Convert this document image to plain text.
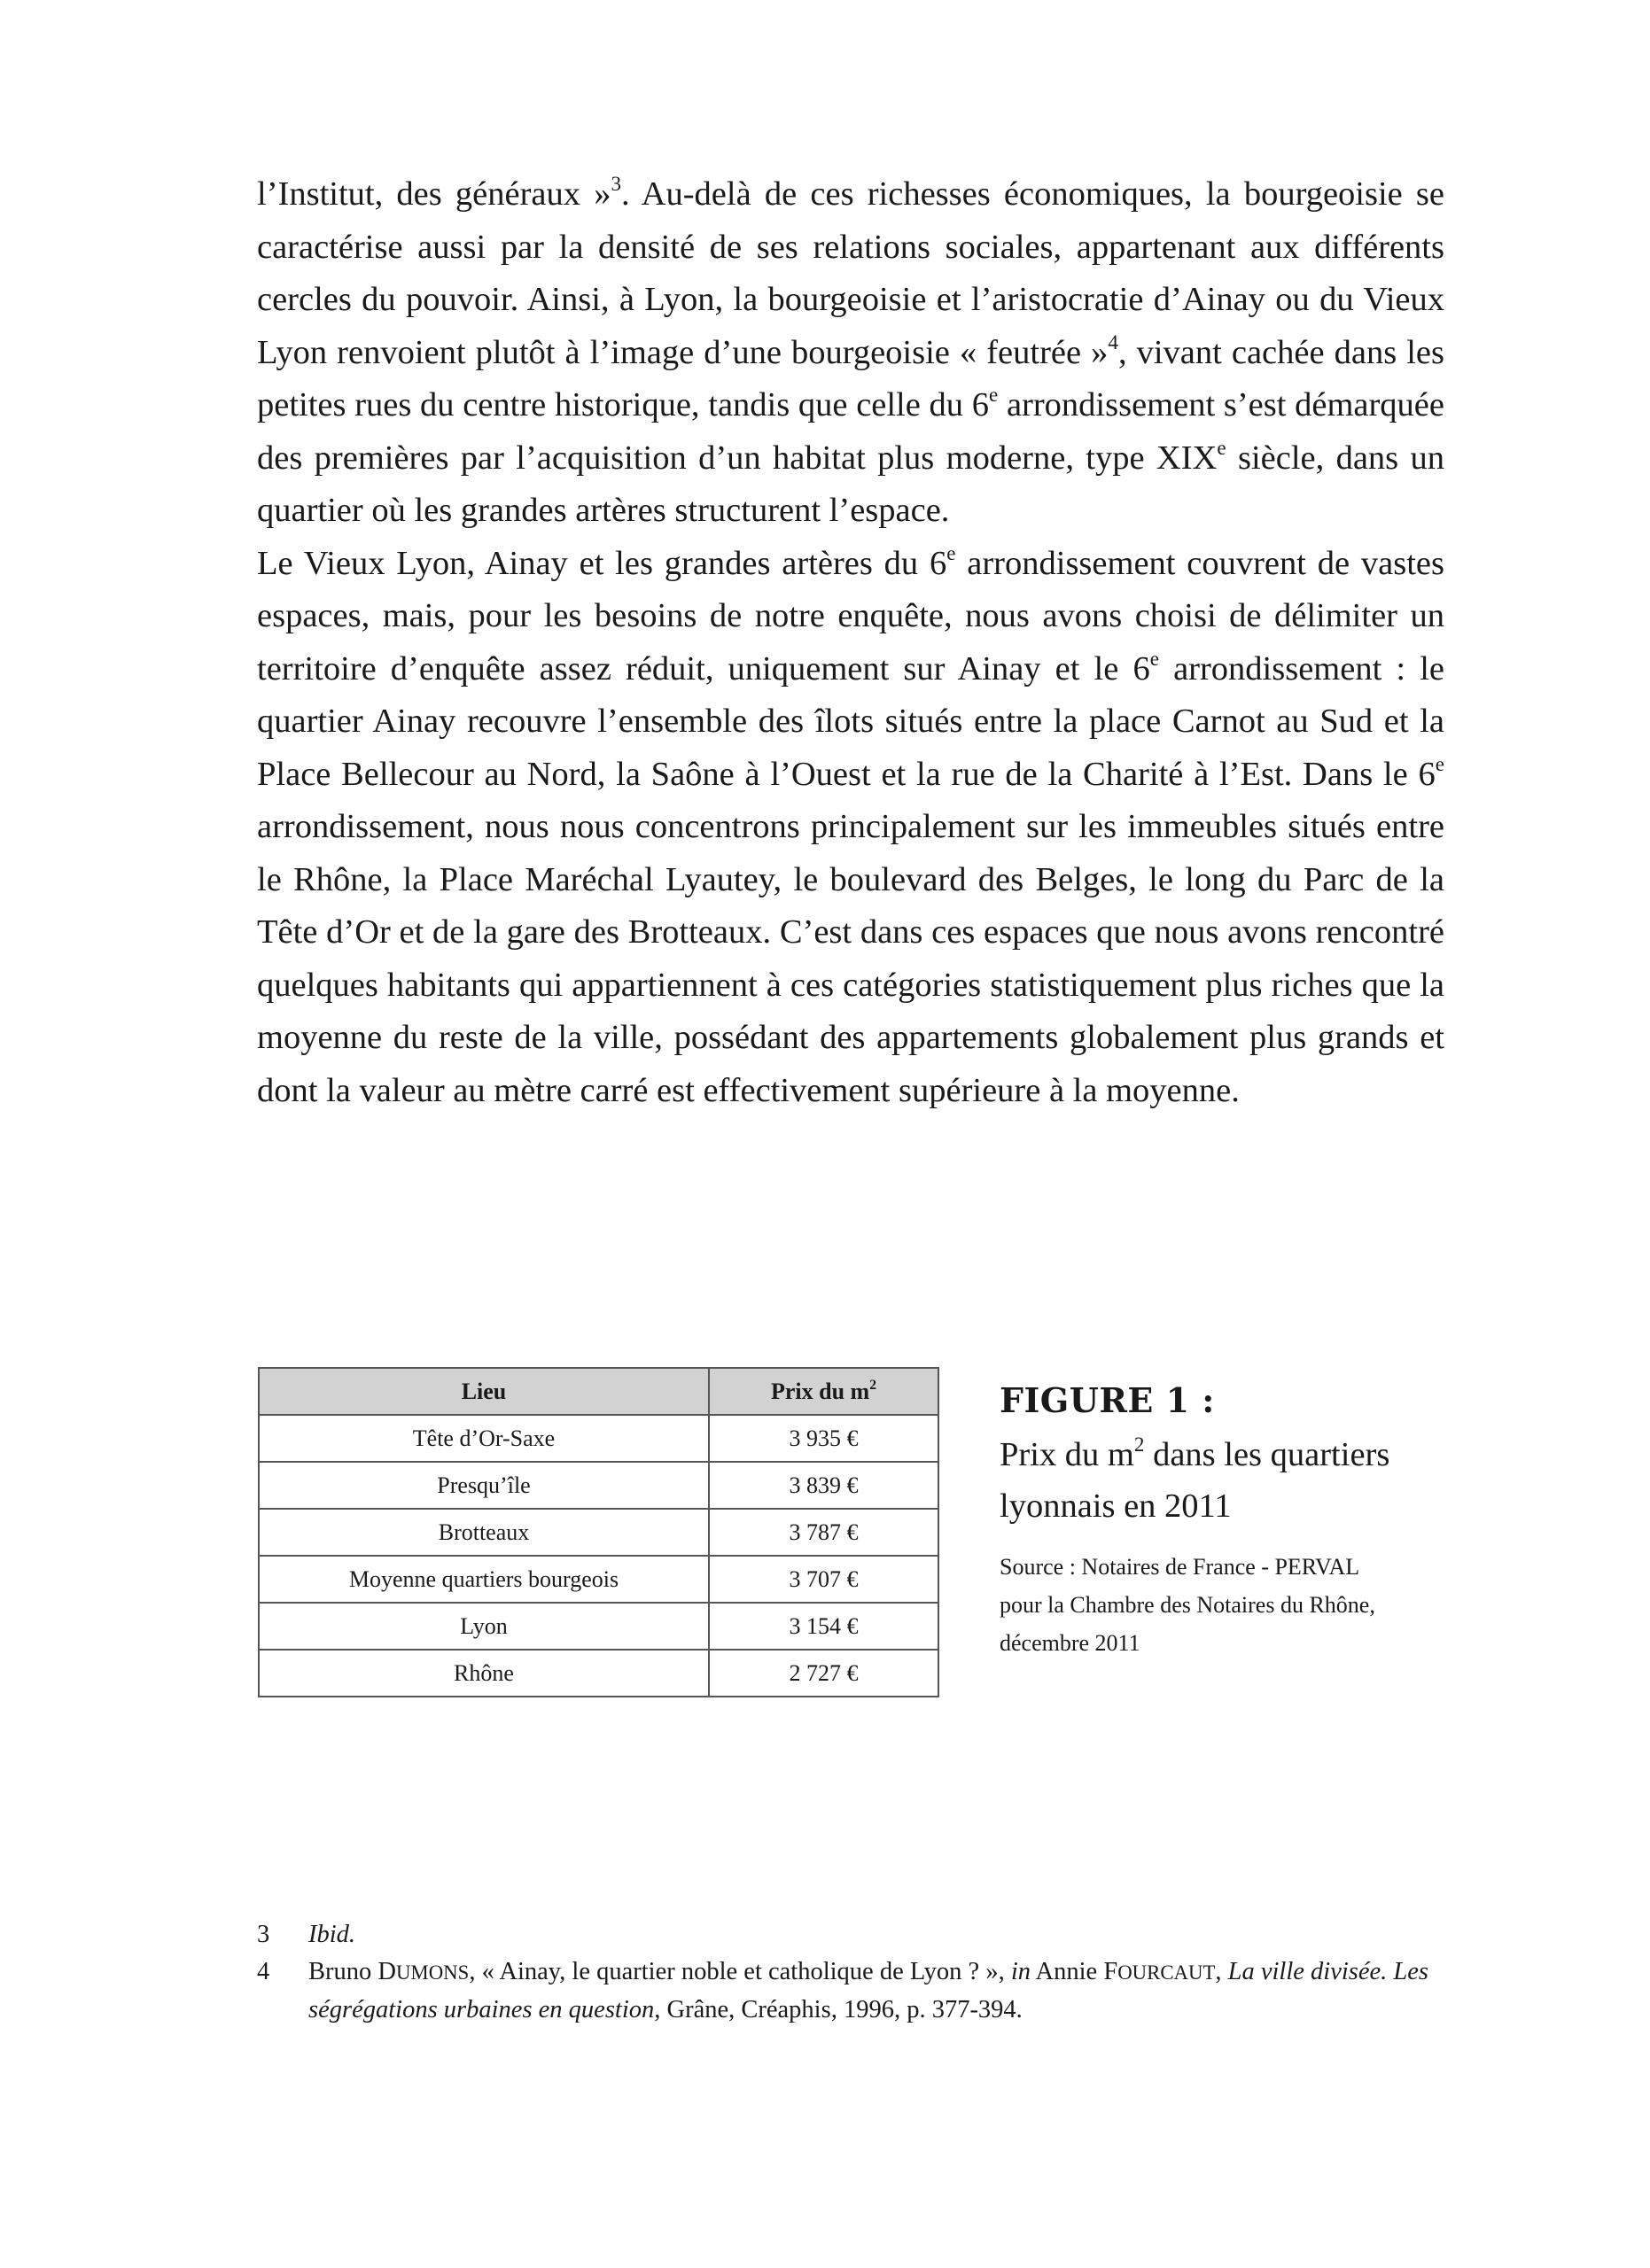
l’Institut, des généraux »$^3$. Au-delà de ces richesses économiques, la bourgeoisie se caractérise aussi par la densité de ses relations sociales, appartenant aux différents cercles du pouvoir. Ainsi, à Lyon, la bourgeoisie et l’aristocratie d’Ainay ou du Vieux Lyon renvoient plutôt à l’image d’une bourgeoisie « feutrée »$^4$, vivant cachée dans les petites rues du centre historique, tandis que celle du 6e arrondissement s’est démarquée des premières par l’acquisition d’un habitat plus moderne, type XIXe siècle, dans un quartier où les grandes artères structurent l’espace.

Le Vieux Lyon, Ainay et les grandes artères du 6e arrondissement couvrent de vastes espaces, mais, pour les besoins de notre enquête, nous avons choisi de délimiter un territoire d’enquête assez réduit, uniquement sur Ainay et le 6e arrondissement : le quartier Ainay recouvre l’ensemble des îlots situés entre la place Carnot au Sud et la Place Bellecour au Nord, la Saône à l’Ouest et la rue de la Charité à l’Est. Dans le 6e arrondissement, nous nous concentrons principalement sur les immeubles situés entre le Rhône, la Place Maréchal Lyautey, le boulevard des Belges, le long du Parc de la Tête d’Or et de la gare des Brotteaux. C’est dans ces espaces que nous avons rencontré quelques habitants qui appartiennent à ces catégories statistiquement plus riches que la moyenne du reste de la ville, possédant des appartements globalement plus grands et dont la valeur au mètre carré est effectivement supérieure à la moyenne.

Lieu	Prix du $m^2$
Tête d’Or-Saxe	3 935 €
Presqu’île	3 839 €
Brotteaux	3 787 €
Moyenne quartiers bourgeois	3 707 €
Lyon	3 154 €
Rhône	2 727 €

FIGURE 1 :

Prix du $m^2$ dans les quartiers lyonnais en 2011

Source : Notaires de France - PERVAL
pour la Chambre des Notaires du Rhône,
décembre 2011

3	Ibid.
4	Bruno DUMONS, « Ainay, le quartier noble et catholique de Lyon ? », in Annie FOURCAUT, La ville divisée. Les ségrégations urbaines en question, Grâne, Créaphis, 1996, p. 377-394.
